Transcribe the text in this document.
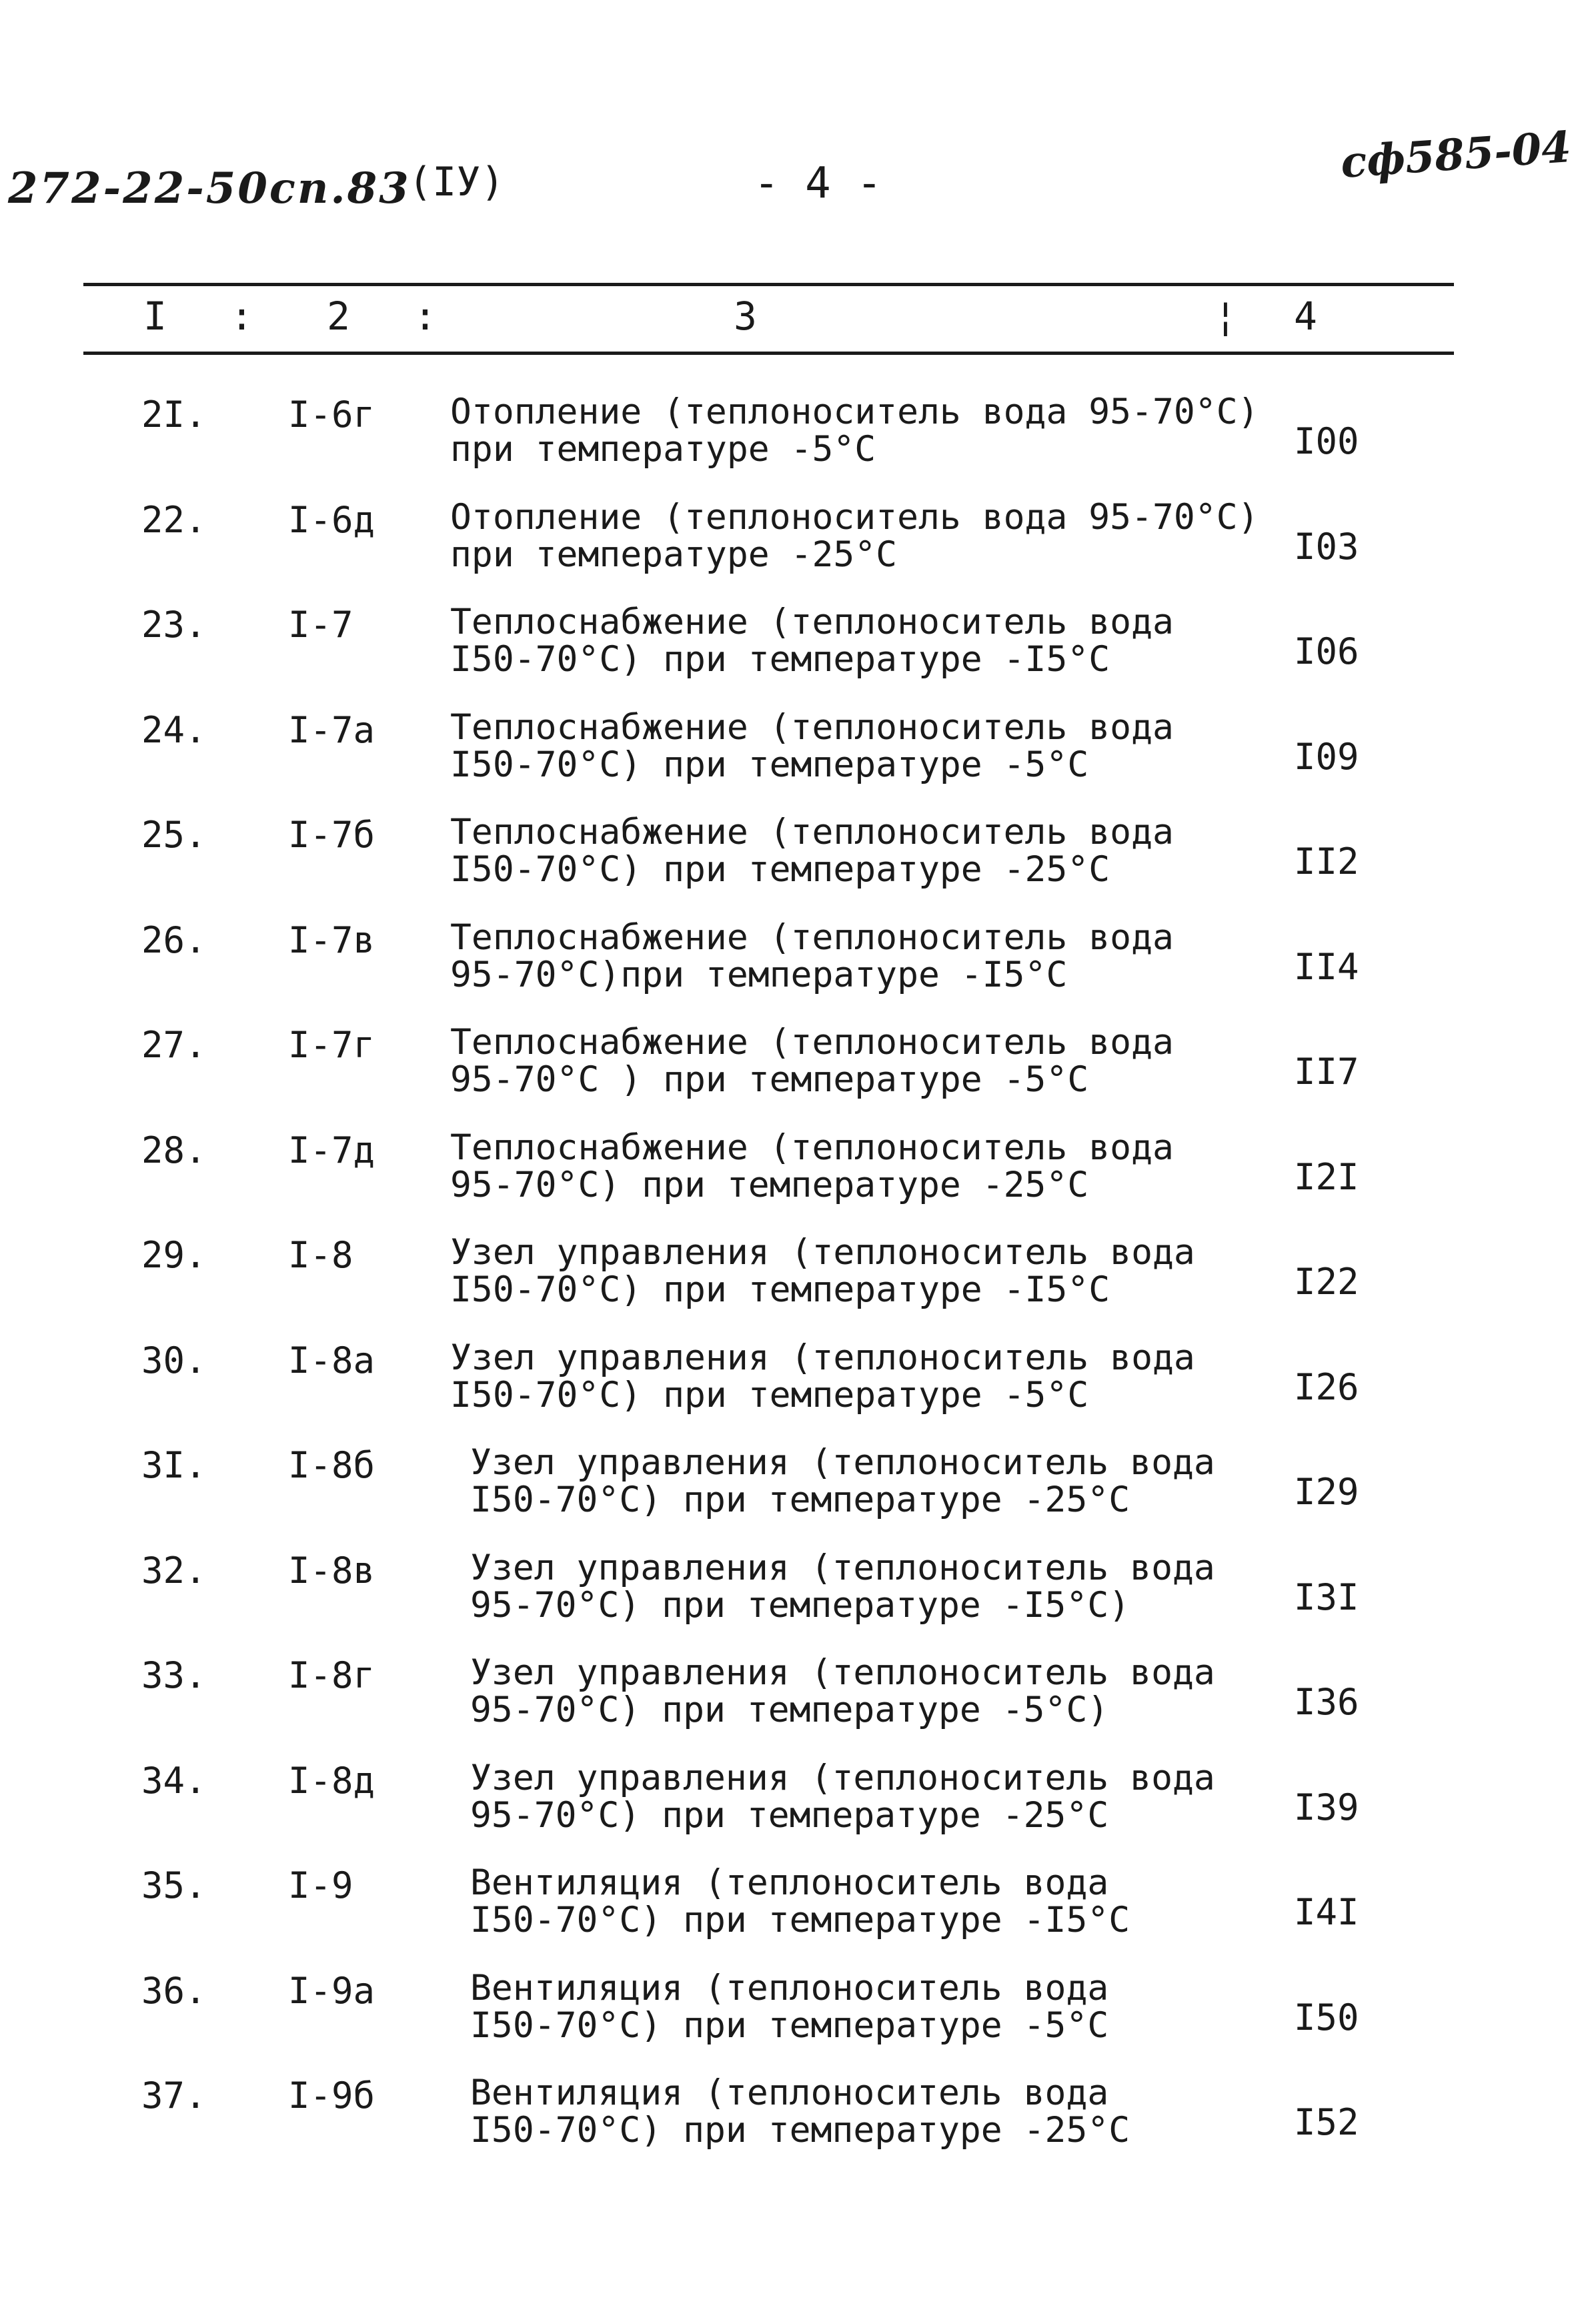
272-22-50сп.83
(IУ)	- 4 -	сф585-04
I : 2 :	3	¦ 4
2I. I-6г Отопление (теплоноситель вода 95-70°С)
при температуре -5°С	I00
22. I-6д Отопление (теплоноситель вода 95-70°С)
при температуре -25°С	I03
23. I-7	Теплоснабжение (теплоноситель вода
I50-70°С) при температуре -I5°С	I06
24. I-7а Теплоснабжение (теплоноситель вода
I50-70°С) при температуре -5°С	I09
25. I-7б Теплоснабжение (теплоноситель вода
I50-70°С) при температуре -25°С	II2
26. I-7в Теплоснабжение (теплоноситель вода
95-70°С)при температуре -I5°С	II4
27. I-7г Теплоснабжение (теплоноситель вода
95-70°С ) при температуре -5°С	II7
28. I-7д Теплоснабжение (теплоноситель вода
95-70°С) при температуре -25°С	I2I
29. I-8	Узел управления (теплоноситель вода
I50-70°С) при температуре -I5°С	I22
30. I-8а Узел управления (теплоноситель вода
I50-70°С) при температуре -5°С	I26
3I. I-8б	Узел управления (теплоноситель вода
I50-70°С) при температуре -25°С	I29
32. I-8в	Узел управления (теплоноситель вода
95-70°С) при температуре -I5°С)	I3I
33. I-8г	Узел управления (теплоноситель вода
95-70°С) при температуре -5°С)	I36
34. I-8д	Узел управления (теплоноситель вода
95-70°С) при температуре -25°С	I39
35. I-9	Вентиляция (теплоноситель вода
I50-70°С) при температуре -I5°С	I4I
36. I-9а	Вентиляция (теплоноситель вода
I50-70°С) при температуре -5°С	I50
37. I-9б	Вентиляция (теплоноситель вода
I50-70°С) при температуре -25°С	I52
